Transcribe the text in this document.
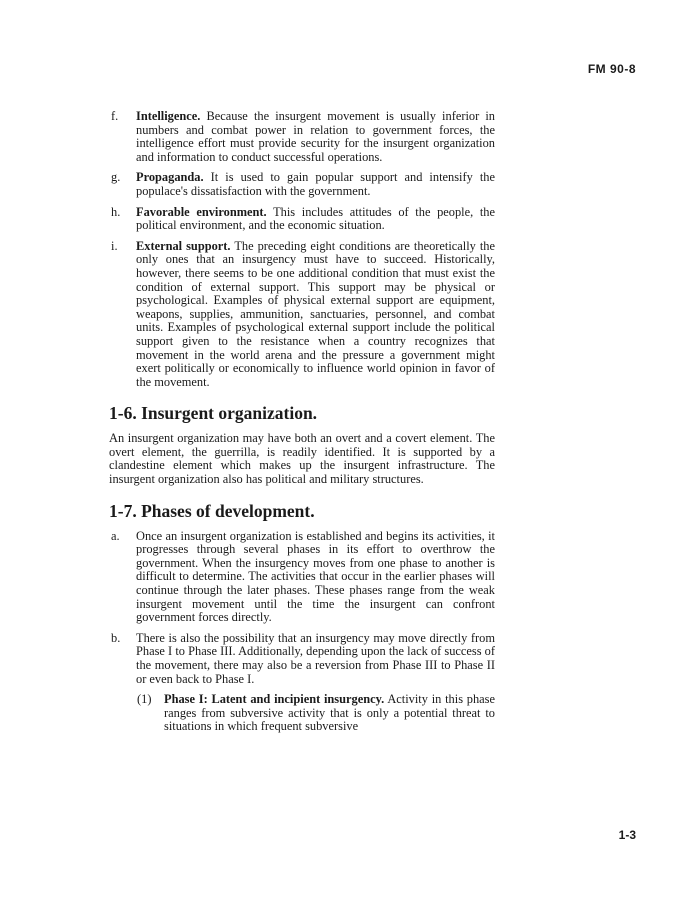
FM 90-8
f. Intelligence. Because the insurgent movement is usually inferior in numbers and combat power in relation to government forces, the intelligence effort must provide security for the insurgent organization and information to conduct successful operations.
g. Propaganda. It is used to gain popular support and intensify the populace's dissatisfaction with the government.
h. Favorable environment. This includes attitudes of the people, the political environment, and the economic situation.
i. External support. The preceding eight conditions are theoretically the only ones that an insurgency must have to succeed. Historically, however, there seems to be one additional condition that must exist the condition of external support. This support may be physical or psychological. Examples of physical external support are equipment, weapons, supplies, ammunition, sanctuaries, personnel, and combat units. Examples of psychological external support include the political support given to the resistance when a country recognizes that movement in the world arena and the pressure a government might exert politically or economically to influence world opinion in favor of the movement.
1-6. Insurgent organization.
An insurgent organization may have both an overt and a covert element. The overt element, the guerrilla, is readily identified. It is supported by a clandestine element which makes up the insurgent infrastructure. The insurgent organization also has political and military structures.
1-7. Phases of development.
a. Once an insurgent organization is established and begins its activities, it progresses through several phases in its effort to overthrow the government. When the insurgency moves from one phase to another is difficult to determine. The activities that occur in the earlier phases will continue through the later phases. These phases range from the weak insurgent movement until the time the insurgent can confront government forces directly.
b. There is also the possibility that an insurgency may move directly from Phase I to Phase III. Additionally, depending upon the lack of success of the movement, there may also be a reversion from Phase III to Phase II or even back to Phase I.
(1) Phase I: Latent and incipient insurgency. Activity in this phase ranges from subversive activity that is only a potential threat to situations in which frequent subversive
1-3
